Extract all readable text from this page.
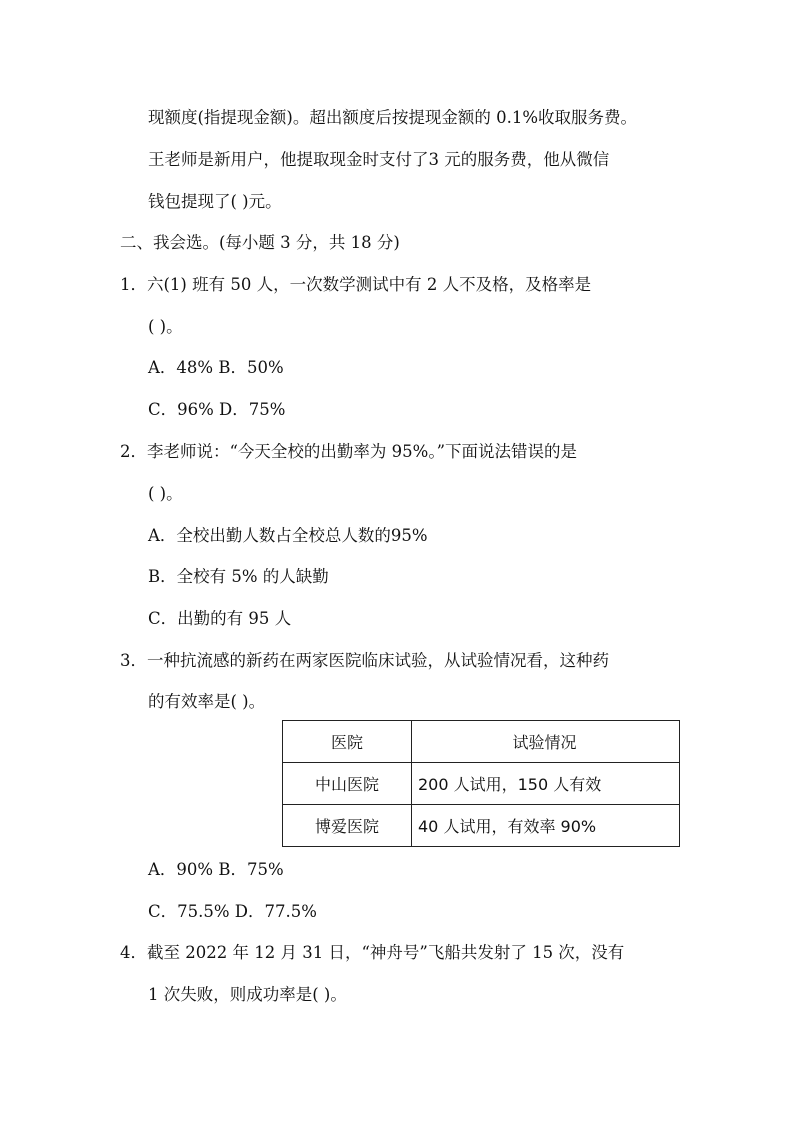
现额度(指提现金额)。超出额度后按提现金额的 0.1%收取服务费。
王老师是新用户，他提取现金时支付了3 元的服务费，他从微信
钱包提现了( )元。
二、我会选。(每小题 3 分，共 18 分)
1．六(1) 班有 50 人，一次数学测试中有 2 人不及格，及格率是
( )。
A．48% B．50%
C．96% D．75%
2．李老师说：“今天全校的出勤率为 95%。”下面说法错误的是
( )。
A．全校出勤人数占全校总人数的95%
B．全校有 5% 的人缺勤
C．出勤的有 95 人
3．一种抗流感的新药在两家医院临床试验，从试验情况看，这种药
的有效率是( )。
医院	试验情况
中山医院	200 人试用，150 人有效
博爱医院	40 人试用，有效率 90%
A．90% B．75%
C．75.5% D．77.5%
4．截至 2022 年 12 月 31 日，“神舟号”飞船共发射了 15 次，没有
1 次失败，则成功率是( )。
